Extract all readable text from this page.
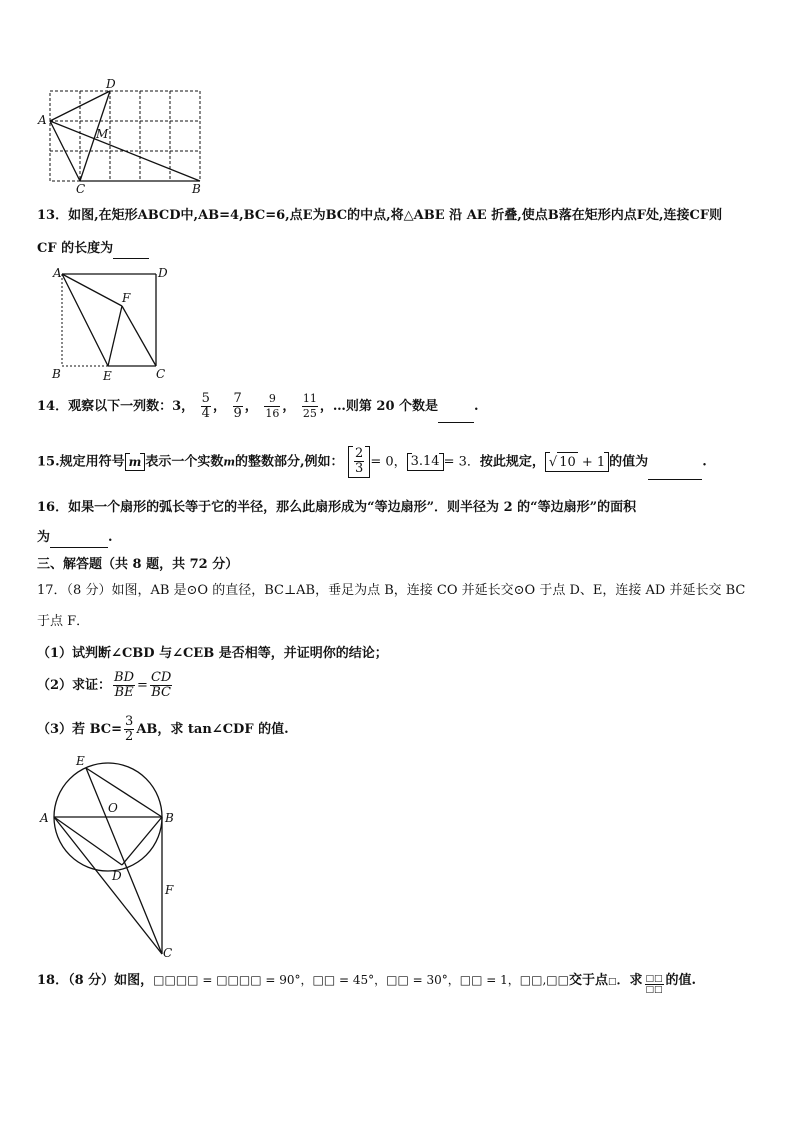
D
A
M
C	B
13．如图,在矩形ABCD中,AB=4,BC=6,点E为BC的中点,将△ABE 沿 AE 折叠,使点B落在矩形内点F处,连接CF则
CF 的长度为
A	D
F
B	E	C
14．观察以下一列数：3， $\frac{5}{4}$ ， $\frac{7}{9}$ ， $\frac{9}{16}$ ， $\frac{11}{25}$ ，…则第 20 个数是	.
15.规定用符号 m 表示一个实数m的整数部分,例如： $\frac{2}{3} = 0$， 3.14 = 3．按此规定， √ 10 + 1 的值为	.
16．如果一个扇形的弧长等于它的半径，那么此扇形成为“等边扇形”．则半径为 2 的“等边扇形”的面积
为	.
三、解答题（共 8 题，共 72 分）
17．（8 分）如图，AB 是⊙O 的直径，BC⊥AB，垂足为点 B，连接 CO 并延长交⊙O 于点 D、E，连接 AD 并延长交 BC
于点 F．
（1）试判断∠CBD 与∠CEB 是否相等，并证明你的结论；
（2）求证： $\frac{BD}{BE} = \frac{CD}{BC}$
（3）若 $BC= \frac{3}{2}$ AB，求 tan∠CDF 的值.
E
A
O
B
D
F
C
18．（8 分）如图，□□□□ = □□□□ = 90°，□□ = 45°，□□ = 30°，□□ = 1，□□,□□交于点□．求 $\frac{□□}{□□}$ 的值.
